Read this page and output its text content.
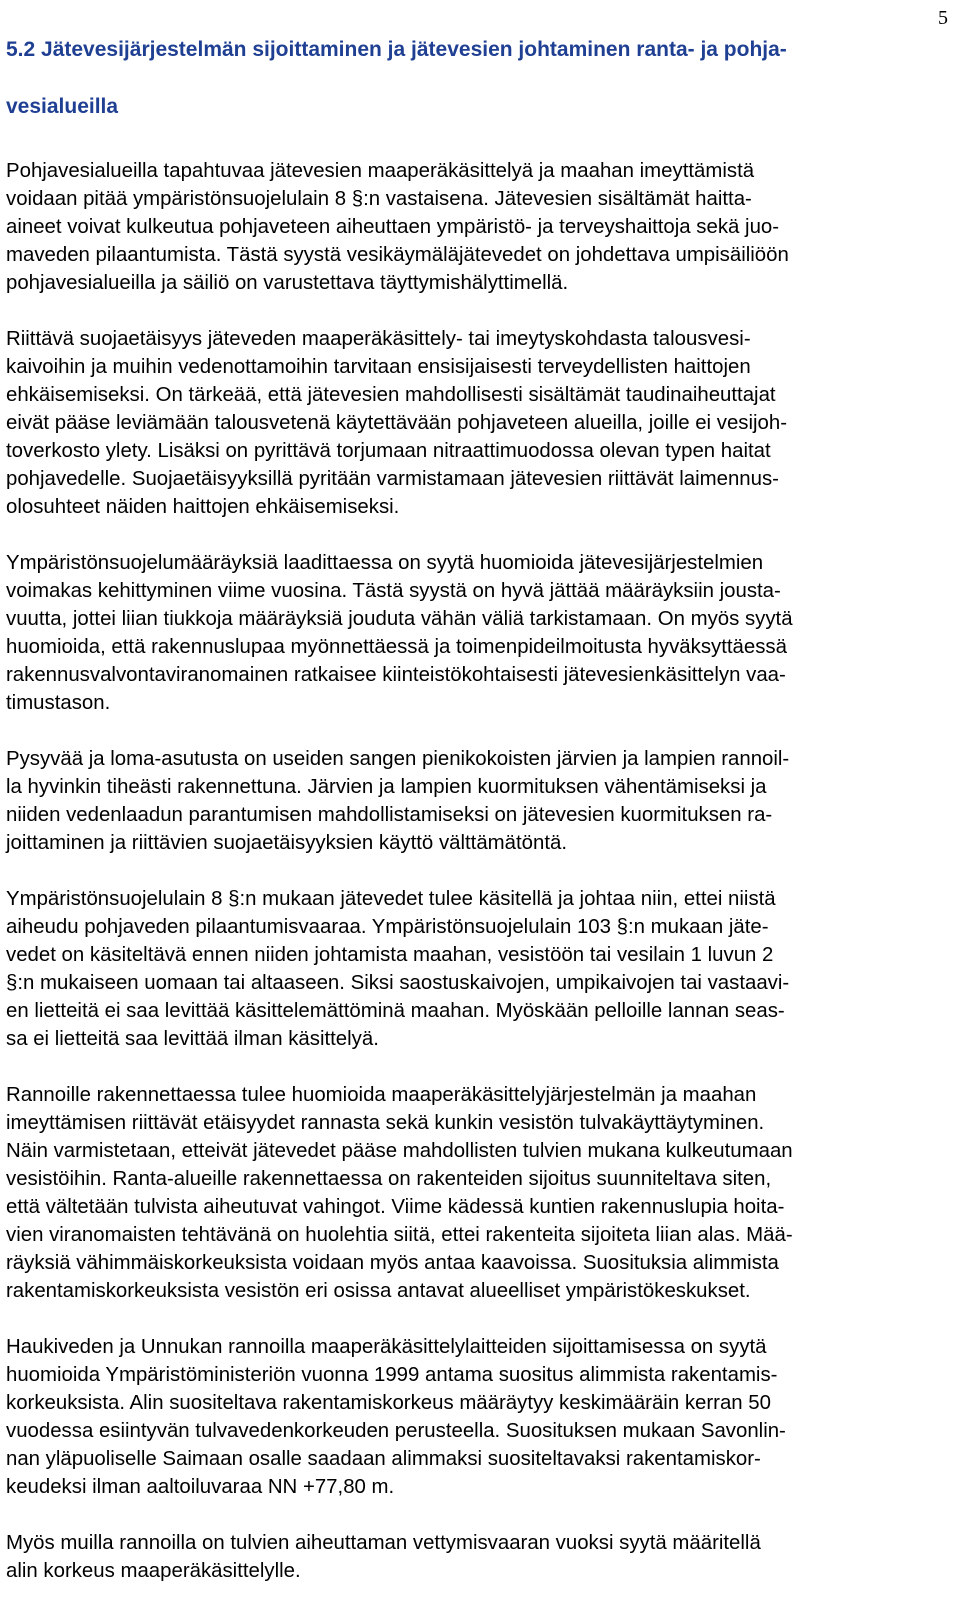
5
5.2 Jätevesijärjestelmän sijoittaminen ja jätevesien johtaminen ranta- ja pohja-
vesialueilla

Pohjavesialueilla tapahtuvaa jätevesien maaperäkäsittelyä ja maahan imeyttämistä
voidaan pitää ympäristönsuojelulain 8 §:n vastaisena. Jätevesien sisältämät haitta-
aineet voivat kulkeutua pohjaveteen aiheuttaen ympäristö- ja terveyshaittoja sekä juo-
maveden pilaantumista. Tästä syystä vesikäymäläjätevedet on johdettava umpisäiliöön
pohjavesialueilla ja säiliö on varustettava täyttymishälyttimellä.

Riittävä suojaetäisyys jäteveden maaperäkäsittely- tai imeytyskohdasta talousvesi-
kaivoihin ja muihin vedenottamoihin tarvitaan ensisijaisesti terveydellisten haittojen
ehkäisemiseksi. On tärkeää, että jätevesien mahdollisesti sisältämät taudinaiheuttajat
eivät pääse leviämään talousvetenä käytettävään pohjaveteen alueilla, joille ei vesijoh-
toverkosto ylety. Lisäksi on pyrittävä torjumaan nitraattimuodossa olevan typen haitat
pohjavedelle. Suojaetäisyyksillä pyritään varmistamaan jätevesien riittävät laimennus-
olosuhteet näiden haittojen ehkäisemiseksi.

Ympäristönsuojelumääräyksiä laadittaessa on syytä huomioida jätevesijärjestelmien
voimakas kehittyminen viime vuosina. Tästä syystä on hyvä jättää määräyksiin jousta-
vuutta, jottei liian tiukkoja määräyksiä jouduta vähän väliä tarkistamaan. On myös syytä
huomioida, että rakennuslupaa myönnettäessä ja toimenpideilmoitusta hyväksyttäessä
rakennusvalvontaviranomainen ratkaisee kiinteistökohtaisesti jätevesienkäsittelyn vaa-
timustason.

Pysyvää ja loma-asutusta on useiden sangen pienikokoisten järvien ja lampien rannoil-
la hyvinkin tiheästi rakennettuna. Järvien ja lampien kuormituksen vähentämiseksi ja
niiden vedenlaadun parantumisen mahdollistamiseksi on jätevesien kuormituksen ra-
joittaminen ja riittävien suojaetäisyyksien käyttö välttämätöntä.

Ympäristönsuojelulain 8 §:n mukaan jätevedet tulee käsitellä ja johtaa niin, ettei niistä
aiheudu pohjaveden pilaantumisvaaraa. Ympäristönsuojelulain 103 §:n mukaan jäte-
vedet on käsiteltävä ennen niiden johtamista maahan, vesistöön tai vesilain 1 luvun 2
§:n mukaiseen uomaan tai altaaseen. Siksi saostuskaivojen, umpikaivojen tai vastaavi-
en lietteitä ei saa levittää käsittelemättöminä maahan. Myöskään pelloille lannan seas-
sa ei lietteitä saa levittää ilman käsittelyä.

Rannoille rakennettaessa tulee huomioida maaperäkäsittelyjärjestelmän ja maahan
imeyttämisen riittävät etäisyydet rannasta sekä kunkin vesistön tulvakäyttäytyminen.
Näin varmistetaan, etteivät jätevedet pääse mahdollisten tulvien mukana kulkeutumaan
vesistöihin. Ranta-alueille rakennettaessa on rakenteiden sijoitus suunniteltava siten,
että vältetään tulvista aiheutuvat vahingot. Viime kädessä kuntien rakennuslupia hoita-
vien viranomaisten tehtävänä on huolehtia siitä, ettei rakenteita sijoiteta liian alas. Mää-
räyksiä vähimmäiskorkeuksista voidaan myös antaa kaavoissa. Suosituksia alimmista
rakentamiskorkeuksista vesistön eri osissa antavat alueelliset ympäristökeskukset.

Haukiveden ja Unnukan rannoilla maaperäkäsittelylaitteiden sijoittamisessa on syytä
huomioida Ympäristöministeriön vuonna 1999 antama suositus alimmista rakentamis-
korkeuksista. Alin suositeltava rakentamiskorkeus määräytyy keskimääräin kerran 50
vuodessa esiintyvän tulvavedenkorkeuden perusteella. Suosituksen mukaan Savonlin-
nan yläpuoliselle Saimaan osalle saadaan alimmaksi suositeltavaksi rakentamiskor-
keudeksi ilman aaltoiluvaraa NN +77,80 m.

Myös muilla rannoilla on tulvien aiheuttaman vettymisvaaran vuoksi syytä määritellä
alin korkeus maaperäkäsittelylle.
